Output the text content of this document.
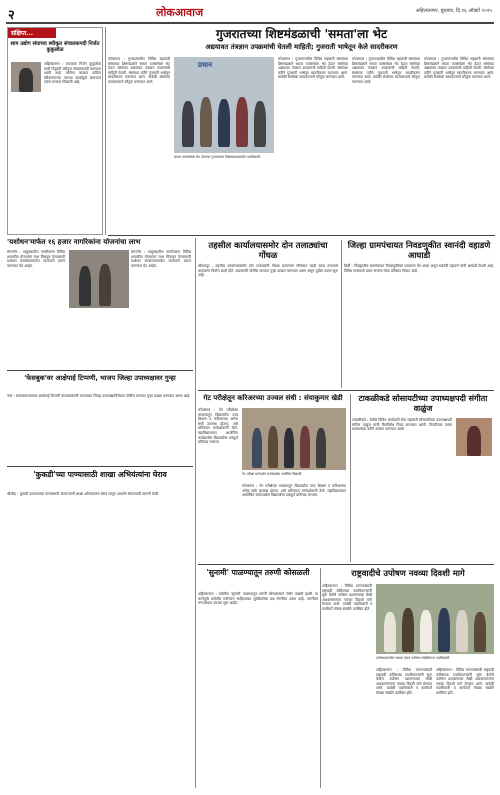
२	लोकआवाज	अहिल्यानगर, बुधवार, दि.१६ ऑक्टो २०२५
संक्षिप्त...
शाम उद्योग संघाच्या स्थीकृत संचालकपदी निर्जत कुकुलोळ
अहिल्यानगर : राज्याचा निर्जन कुकुलोळ यांची नियुक्ती स्थीकृत संचालकपदी करण्यात आली आहे. कोरोना काळात दायित्व स्वीकारणाऱ्या त्यांच्या कार्यामुळे समाजात त्यांना मान्यता मिळाली आहे.
'यशोधन'मार्फत १६ हजार नागरिकांना योजनांचा लाभ
संगमनेर : तालुक्यातील नागरिकांना विविध शासकीय योजनांचा लाभ मिळवून देण्यासाठी यशोधन कार्यालयामार्फत सातत्याने प्रयत्न करण्यात येत आहेत.
संगमनेर : तालुक्यातील नागरिकांना विविध शासकीय योजनांचा लाभ मिळवून देण्यासाठी यशोधन कार्यालयामार्फत सातत्याने प्रयत्न करण्यात येत आहेत.
'फेसबुक'वर आक्षेपार्ह टिप्पणी, भाजप जिल्हा उपाध्यक्षावर गुन्हा
नगर : समाजमाध्यमावर आक्षेपार्ह टिप्पणी केल्याप्रकरणी भाजपच्या जिल्हा उपाध्यक्षाविरोधात पोलीस ठाण्यात गुन्हा दाखल करण्यात आला आहे.
'कुकडी'च्या पाण्यासाठी शाखा अभियंत्यांना घेराव
श्रीगोंदा : कुकडी कालव्याच्या पाण्यासाठी शेतकऱ्यांनी शाखा अभियंत्यांना घेराव घालून आवर्तन सोडण्याची मागणी केली.
गुजरातच्या शिष्टमंडळाची 'समता'ला भेट
अद्ययावत तंत्रज्ञान उपक्रमांची घेतली माहिती; गुजराती भाषेतून केले सादरीकरण
कोपरगाव : गुजरातमधील विविध सहकारी संस्थांच्या शिष्टमंडळाने समता पतसंस्थेला भेट देऊन संस्थेच्या अद्ययावत तंत्रज्ञान उपक्रमांची माहिती घेतली. संस्थेच्या वतीने गुजराती भाषेतून सादरीकरण करण्यात आले. यावेळी संस्थेच्या कामकाजाचे कौतुक करण्यात आले.
प्रधान
समता पतसंस्थेला भेट देणाऱ्या गुजरातच्या शिष्टमंडळासमवेत पदाधिकारी.
कोपरगाव : गुजरातमधील विविध सहकारी संस्थांच्या शिष्टमंडळाने समता पतसंस्थेला भेट देऊन संस्थेच्या अद्ययावत तंत्रज्ञान उपक्रमांची माहिती घेतली. संस्थेच्या वतीने गुजराती भाषेतून सादरीकरण करण्यात आले. यावेळी संस्थेच्या कामकाजाचे कौतुक करण्यात आले.
कोपरगाव : गुजरातमधील विविध सहकारी संस्थांच्या शिष्टमंडळाने समता पतसंस्थेला भेट देऊन संस्थेच्या अद्ययावत तंत्रज्ञान उपक्रमांची माहिती घेतली. संस्थेच्या वतीने गुजराती भाषेतून सादरीकरण करण्यात आले. यावेळी संस्थेच्या कामकाजाचे कौतुक करण्यात आले.
कोपरगाव : गुजरातमधील विविध सहकारी संस्थांच्या शिष्टमंडळाने समता पतसंस्थेला भेट देऊन संस्थेच्या अद्ययावत तंत्रज्ञान उपक्रमांची माहिती घेतली. संस्थेच्या वतीने गुजराती भाषेतून सादरीकरण करण्यात आले. यावेळी संस्थेच्या कामकाजाचे कौतुक करण्यात आले.
तहसील कार्यालयासमोर दोन तलाठ्यांचा गोंधळ
श्रीरामपूर : तहसील कार्यालयासमोर दोन तलाठ्यांनी गोंधळ घातल्याने परिसरात काही काळ तणावाचे वातावरण निर्माण झाले होते. याप्रकरणी पोलीस ठाण्यात गुन्हा दाखल करण्यात आला असून पुढील तपास सुरू आहे.
जिल्हा ग्रामपंचायत निवडणुकीत स्वानंदी वहाडणे आघाडी
शिर्डी : जिल्ह्यातील ग्रामपंचायत निवडणुकीच्या प्रचाराला वेग आला असून स्वानंदी वहाडणे यांनी आघाडी घेतली आहे. विविध गावांमध्ये प्रचार सभांना मोठा प्रतिसाद मिळत आहे.
गेट परीक्षेतून करिअरच्या उज्वल संधी : संयाकुमार खेडी
कोपरगाव : गेट परीक्षेच्या माध्यमातून विद्यार्थ्यांना उच्च शिक्षण व करिअरच्या अनेक संधी उपलब्ध होतात, असे प्रतिपादन मार्गदर्शकांनी केले. महाविद्यालयात आयोजित कार्यशाळेस विद्यार्थ्यांचा उत्स्फूर्त प्रतिसाद लाभला.
गेट परीक्षा मार्गदर्शन कार्यशाळेत उपस्थित विद्यार्थी.
कोपरगाव : गेट परीक्षेच्या माध्यमातून विद्यार्थ्यांना उच्च शिक्षण व करिअरच्या अनेक संधी उपलब्ध होतात, असे प्रतिपादन मार्गदर्शकांनी केले. महाविद्यालयात आयोजित कार्यशाळेस विद्यार्थ्यांचा उत्स्फूर्त प्रतिसाद लाभला.
टाकळीकडे सोसायटीच्या उपाध्यक्षपदी संगीता वाळुंज
टाकळीकडे : येथील विविध कार्यकारी सेवा सहकारी सोसायटीच्या उपाध्यक्षपदी संगीता वाळुंज यांची बिनविरोध निवड करण्यात आली. निवडीनंतर त्यांचा ग्रामस्थांच्या वतीने सत्कार करण्यात आला.
'सुनामी' पाळण्यातून तरुणी कोसळली
अहिल्यानगर : यात्रेतील 'सुनामी' पाळण्यातून तरुणी कोसळल्याने गंभीर जखमी झाली. या घटनेमुळे यात्रेतील मनोरंजन साहित्याच्या सुरक्षिततेचा प्रश्न ऐरणीवर आला आहे. तरुणीवर रुग्णालयात उपचार सुरू आहेत.
राष्ट्रवादीचे उपोषण नवव्या दिवशी मागे
अहिल्यानगर : विविध मागण्यांसाठी राष्ट्रवादी काँग्रेसच्या पदाधिकाऱ्यांनी सुरू केलेले उपोषण प्रशासनाच्या लेखी आश्वासनानंतर नवव्या दिवशी मागे घेण्यात आले. यावेळी पदाधिकारी व कार्यकर्ते मोठ्या संख्येने उपस्थित होते.
उपोषणकर्त्यांना सरबत देऊन उपोषण सोडविताना पदाधिकारी.
अहिल्यानगर : विविध मागण्यांसाठी राष्ट्रवादी काँग्रेसच्या पदाधिकाऱ्यांनी सुरू केलेले उपोषण प्रशासनाच्या लेखी आश्वासनानंतर नवव्या दिवशी मागे घेण्यात आले. यावेळी पदाधिकारी व कार्यकर्ते मोठ्या संख्येने उपस्थित होते.
अहिल्यानगर : विविध मागण्यांसाठी राष्ट्रवादी काँग्रेसच्या पदाधिकाऱ्यांनी सुरू केलेले उपोषण प्रशासनाच्या लेखी आश्वासनानंतर नवव्या दिवशी मागे घेण्यात आले. यावेळी पदाधिकारी व कार्यकर्ते मोठ्या संख्येने उपस्थित होते.
